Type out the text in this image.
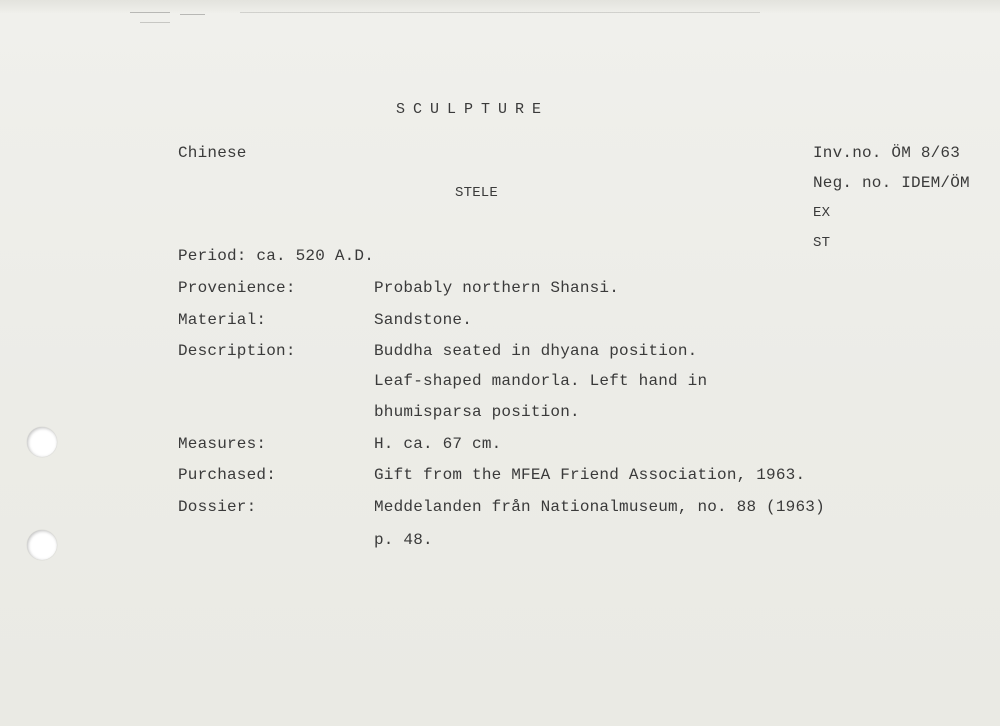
SCULPTURE
Chinese
STELE
Inv.no. ÖM 8/63
Neg. no. IDEM/ÖM
EX
ST
Period: ca. 520 A.D.
Provenience:	Probably northern Shansi.
Material:	Sandstone.
Description:	Buddha seated in dhyana position.
Leaf-shaped mandorla. Left hand in
bhumisparsa position.
Measures:	H. ca. 67 cm.
Purchased:	Gift from the MFEA Friend Association, 1963.
Dossier:	Meddelanden från Nationalmuseum, no. 88 (1963)
p. 48.
